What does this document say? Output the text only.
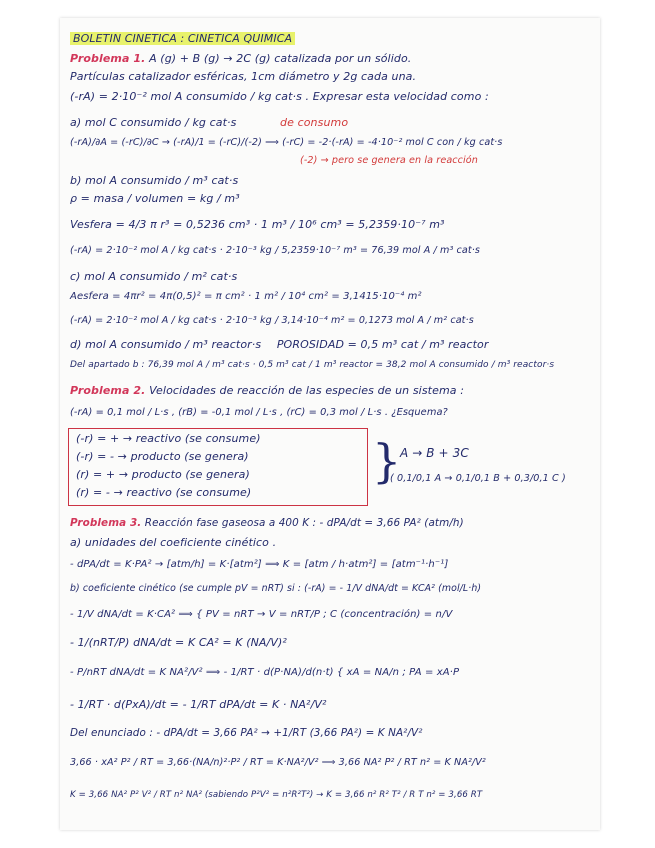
BOLETIN CINETICA : CINETICA QUIMICA
Problema 1. A (g) + B (g) → 2C (g) catalizada por un sólido.
Partículas catalizador esféricas, 1cm diámetro y 2g cada una.
(-rA) = 2·10⁻² mol A consumido / kg cat·s . Expresar esta velocidad como :
a) mol C consumido / kg cat·s	de consumo
(-rA)/∂A = (-rC)/∂C → (-rA)/1 = (-rC)/(-2) ⟹ (-rC) = -2·(-rA) = -4·10⁻² mol C con / kg cat·s
(-2) → pero se genera en la reacción
b) mol A consumido / m³ cat·s
ρ = masa / volumen = kg / m³
Vesfera = 4/3 π r³ = 0,5236 cm³ · 1 m³ / 10⁶ cm³ = 5,2359·10⁻⁷ m³
(-rA) = 2·10⁻² mol A / kg cat·s · 2·10⁻³ kg / 5,2359·10⁻⁷ m³ = 76,39 mol A / m³ cat·s
c) mol A consumido / m² cat·s
Aesfera = 4πr² = 4π(0,5)² = π cm² · 1 m² / 10⁴ cm² = 3,1415·10⁻⁴ m²
(-rA) = 2·10⁻² mol A / kg cat·s · 2·10⁻³ kg / 3,14·10⁻⁴ m² = 0,1273 mol A / m² cat·s
d) mol A consumido / m³ reactor·s POROSIDAD = 0,5 m³ cat / m³ reactor
Del apartado b : 76,39 mol A / m³ cat·s · 0,5 m³ cat / 1 m³ reactor = 38,2 mol A consumido / m³ reactor·s
Problema 2. Velocidades de reacción de las especies de un sistema :
(-rA) = 0,1 mol / L·s , (rB) = -0,1 mol / L·s , (rC) = 0,3 mol / L·s . ¿Esquema?
(-r) = + → reactivo (se consume)
(-r) = - → producto (se genera)
(r) = + → producto (se genera)
(r) = - → reactivo (se consume)
}
A → B + 3C
( 0,1/0,1 A → 0,1/0,1 B + 0,3/0,1 C )
Problema 3. Reacción fase gaseosa a 400 K : - dPA/dt = 3,66 PA² (atm/h)
a) unidades del coeficiente cinético .
- dPA/dt = K·PA² → [atm/h] = K·[atm²] ⟹ K = [atm / h·atm²] = [atm⁻¹·h⁻¹]
b) coeficiente cinético (se cumple pV = nRT) si : (-rA) = - 1/V dNA/dt = KCA² (mol/L·h)
- 1/V dNA/dt = K·CA² ⟹ { PV = nRT → V = nRT/P ; C (concentración) = n/V
- 1/(nRT/P) dNA/dt = K CA² = K (NA/V)²
- P/nRT dNA/dt = K NA²/V² ⟹ - 1/RT · d(P·NA)/d(n·t) { xA = NA/n ; PA = xA·P
- 1/RT · d(PxA)/dt = - 1/RT dPA/dt = K · NA²/V²
Del enunciado : - dPA/dt = 3,66 PA² → +1/RT (3,66 PA²) = K NA²/V²
3,66 · xA² P² / RT = 3,66·(NA/n)²·P² / RT = K·NA²/V² ⟹ 3,66 NA² P² / RT n² = K NA²/V²
K = 3,66 NA² P² V² / RT n² NA² (sabiendo P²V² = n²R²T²) → K = 3,66 n² R² T² / R T n² = 3,66 RT
